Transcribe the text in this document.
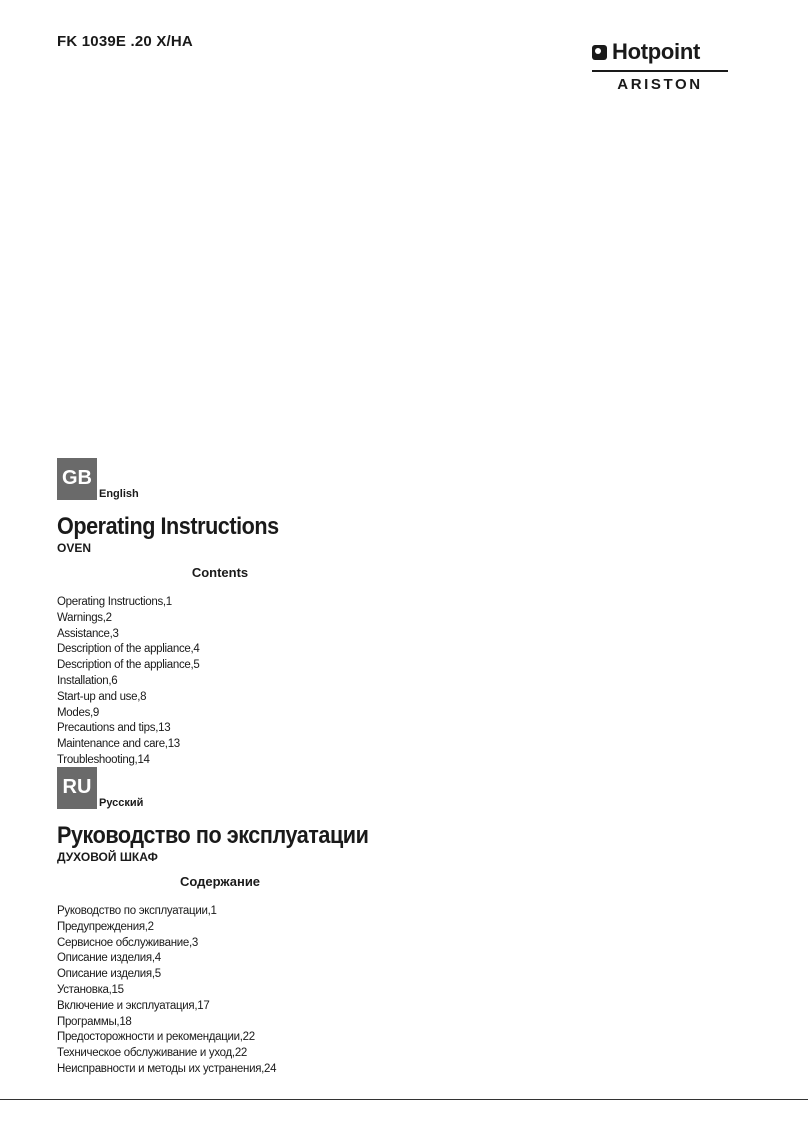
FK 1039E .20 X/HA	Hotpoint
ARISTON
GB
English
Operating Instructions
OVEN
Contents
Operating Instructions,1
Warnings,2
Assistance,3
Description of the appliance,4
Description of the appliance,5
Installation,6
Start-up and use,8
Modes,9
Precautions and tips,13
Maintenance and care,13
Troubleshooting,14
RU
Русский
Руководство по эксплуатации
ДУХОВОЙ ШКАФ
Содержание
Руководство по эксплуатации,1
Предупреждения,2
Сервисное обслуживание,3
Описание изделия,4
Описание изделия,5
Установка,15
Включение и эксплуатация,17
Программы,18
Предосторожности и рекомендации,22
Техническое обслуживание и уход,22
Неисправности и методы их устранения,24
